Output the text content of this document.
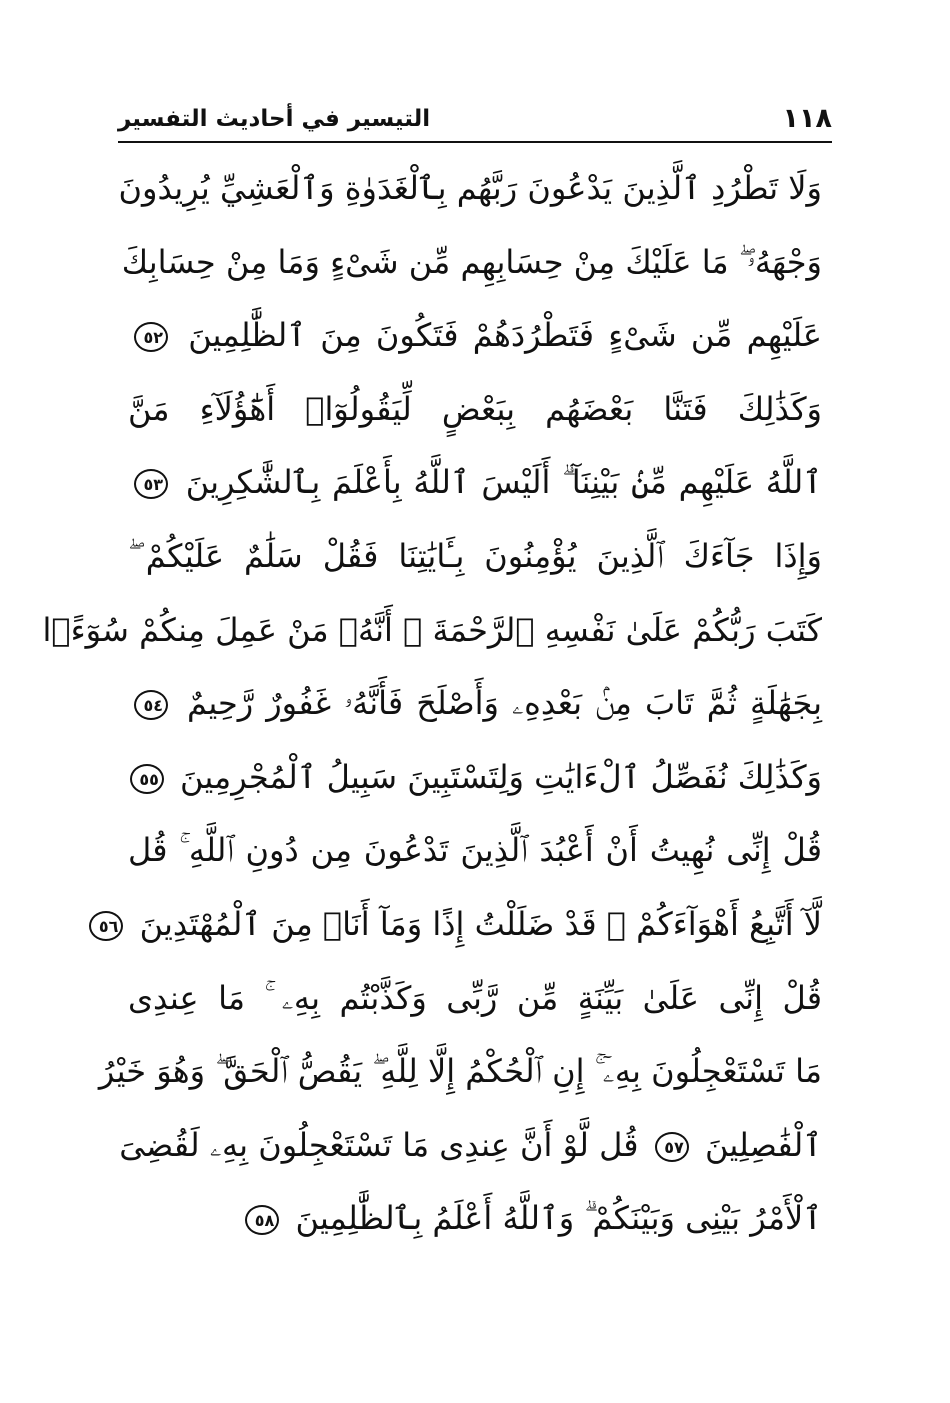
التيسير في أحاديث التفسير	١١٨
وَلَا تَطْرُدِ ٱلَّذِينَ يَدْعُونَ رَبَّهُم بِٱلْغَدَوٰةِ وَٱلْعَشِيِّ يُرِيدُونَ
وَجْهَهُۥ ۖ مَا عَلَيْكَ مِنْ حِسَابِهِم مِّن شَىْءٍ وَمَا مِنْ حِسَابِكَ
عَلَيْهِم مِّن شَىْءٍ فَتَطْرُدَهُمْ فَتَكُونَ مِنَ ٱلظَّٰلِمِينَ ٥٢
وَكَذَٰلِكَ فَتَنَّا بَعْضَهُم بِبَعْضٍ لِّيَقُولُوٓا۟ أَهَٰٓؤُلَآءِ مَنَّ
ٱللَّهُ عَلَيْهِم مِّنۢ بَيْنِنَآ ۗ أَلَيْسَ ٱللَّهُ بِأَعْلَمَ بِٱلشَّٰكِرِينَ ٥٣
وَإِذَا جَآءَكَ ٱلَّذِينَ يُؤْمِنُونَ بِـَٔايَٰتِنَا فَقُلْ سَلَٰمٌ عَلَيْكُمْ ۖ
كَتَبَ رَبُّكُمْ عَلَىٰ نَفْسِهِ ٱلرَّحْمَةَ ۖ أَنَّهُۥ مَنْ عَمِلَ مِنكُمْ سُوٓءًۢا
بِجَهَٰلَةٍ ثُمَّ تَابَ مِنۢ بَعْدِهِۦ وَأَصْلَحَ فَأَنَّهُۥ غَفُورٌ رَّحِيمٌ ٥٤
وَكَذَٰلِكَ نُفَصِّلُ ٱلْءَايَٰتِ وَلِتَسْتَبِينَ سَبِيلُ ٱلْمُجْرِمِينَ ٥٥
قُلْ إِنِّى نُهِيتُ أَنْ أَعْبُدَ ٱلَّذِينَ تَدْعُونَ مِن دُونِ ٱللَّهِ ۚ قُل
لَّآ أَتَّبِعُ أَهْوَآءَكُمْ ۙ قَدْ ضَلَلْتُ إِذًا وَمَآ أَنَا۠ مِنَ ٱلْمُهْتَدِينَ ٥٦
قُلْ إِنِّى عَلَىٰ بَيِّنَةٍ مِّن رَّبِّى وَكَذَّبْتُم بِهِۦ ۚ مَا عِندِى
مَا تَسْتَعْجِلُونَ بِهِۦٓ ۚ إِنِ ٱلْحُكْمُ إِلَّا لِلَّهِ ۖ يَقُصُّ ٱلْحَقَّ ۖ وَهُوَ خَيْرُ
ٱلْفَٰصِلِينَ ٥٧ قُل لَّوْ أَنَّ عِندِى مَا تَسْتَعْجِلُونَ بِهِۦ لَقُضِىَ
ٱلْأَمْرُ بَيْنِى وَبَيْنَكُمْ ۗ وَٱللَّهُ أَعْلَمُ بِٱلظَّٰلِمِينَ ٥٨
